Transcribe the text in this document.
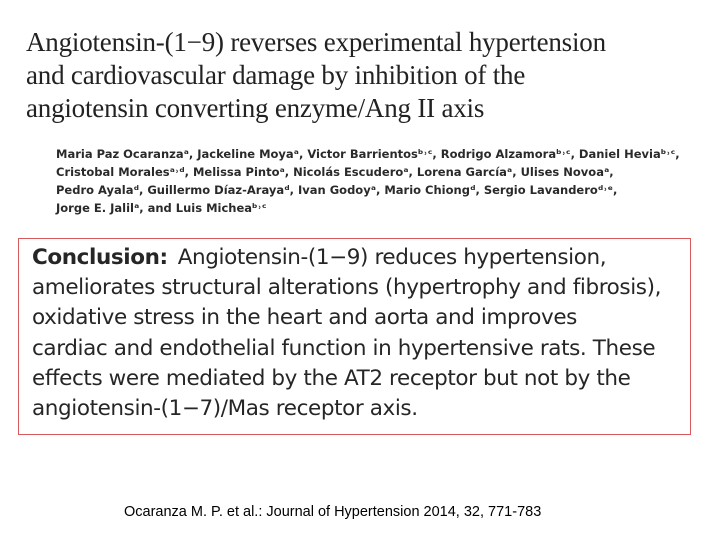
Angiotensin-(1−9) reverses experimental hypertension
and cardiovascular damage by inhibition of the
angiotensin converting enzyme/Ang II axis
Maria Paz Ocaranzaᵃ, Jackeline Moyaᵃ, Victor Barrientosᵇ˒ᶜ, Rodrigo Alzamoraᵇ˒ᶜ, Daniel Heviaᵇ˒ᶜ,
Cristobal Moralesᵃ˒ᵈ, Melissa Pintoᵃ, Nicolás Escuderoᵃ, Lorena Garcíaᵃ, Ulises Novoaᵃ,
Pedro Ayalaᵈ, Guillermo Díaz-Arayaᵈ, Ivan Godoyᵃ, Mario Chiongᵈ, Sergio Lavanderoᵈ˒ᵉ,
Jorge E. Jalilᵃ, and Luis Micheaᵇ˒ᶜ
Conclusion: Angiotensin-(1−9) reduces hypertension,
ameliorates structural alterations (hypertrophy and fibrosis),
oxidative stress in the heart and aorta and improves
cardiac and endothelial function in hypertensive rats. These
effects were mediated by the AT2 receptor but not by the
angiotensin-(1−7)/Mas receptor axis.
Ocaranza M. P. et al.: Journal of Hypertension 2014, 32, 771-783
